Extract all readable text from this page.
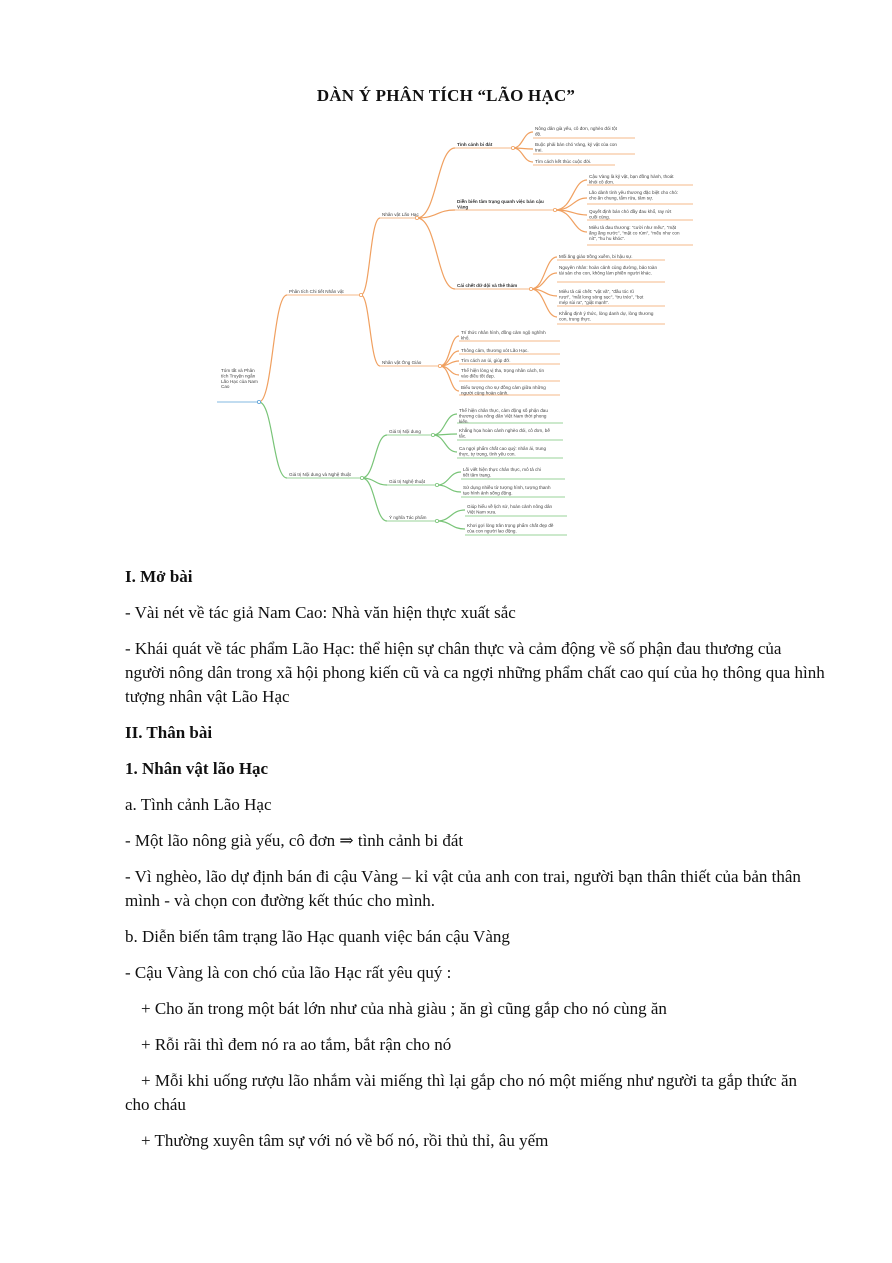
DÀN Ý PHÂN TÍCH “LÃO HẠC”
Tóm tắt và Phân tích Truyện ngắn Lão Hạc của Nam Cao
Phân tích Chi tiết Nhân vật
Giá trị Nội dung và Nghệ thuật
Nhân vật Lão Hạc
Nhân vật Ông Giáo
Tình cảnh bi đát
Diễn biến tâm trạng quanh việc bán cậu Vàng
Cái chết dữ dội và thê thảm
Giá trị Nội dung
Giá trị Nghệ thuật
Ý nghĩa Tác phẩm
Nông dân già yếu, cô đơn, nghèo đói tột độ.
Buộc phải bán chó Vàng, kỷ vật của con trai.
Tìm cách kết thúc cuộc đời.
Cậu Vàng là kỷ vật, bạn đồng hành, thoát khỏi cô đơn.
Lão dành tình yêu thương đặc biệt cho chó: cho ăn chung, tắm rửa, tâm sự.
Quyết định bán chó đầy đau khổ, ray rứt cuối cùng.
Miêu tả đau thương: "cười như mếu", "mặt ấng ầng nước", "mặt co rúm", "mếu như con nít", "hu hu khóc".
Mối ăng giáo trồng xuềm, bi hậu sự.
Nguyên nhân: hoàn cảnh cùng đường, bảo toàn tài sản cho con, không làm phiền người khác.
Miêu tả cái chết: "vật vã", "đầu tóc rũ rượi", "mắt long sòng sọc", "tru tréo", "bọt mép sùi ra", "giật mạnh".
Khẳng định ý thức, lòng danh dự, lòng thương con, trung thực.
Trí thức nhân hình, đồng cảm ngộ nghĩnh khổ.
Thông cảm, thương xót Lão Hạc.
Tìm cách an ủi, giúp đỡ.
Thể hiện lòng vị tha, trọng nhân cách, tin vào điều tốt đẹp.
Biểu tượng cho sự đồng cảm giữa những người cùng hoàn cảnh.
Thể hiện chân thực, cảm động số phận đau thương của nông dân Việt Nam thời phong kiến.
Khẳng họa hoàn cảnh nghèo đói, cô đơn, bế tắc.
Ca ngợi phẩm chất cao quý: nhân ái, trung thực, tự trọng, tình yêu con.
Lối viết hiện thực chân thực, mô tả chi tiết tâm trạng.
Sử dụng nhiều từ tượng hình, tượng thanh tạo hình ảnh sống động.
Giúp hiểu về lịch sử, hoàn cảnh nông dân Việt Nam xưa.
Khơi gợi lòng trân trọng phẩm chất đẹp đẽ của con người lao động.

I. Mở bài

- Vài nét về tác giả Nam Cao: Nhà văn hiện thực xuất sắc

- Khái quát về tác phẩm Lão Hạc: thể hiện sự chân thực và cảm động về số phận đau thương của người nông dân trong xã hội phong kiến cũ và ca ngợi những phẩm chất cao quí của họ thông qua hình tượng nhân vật Lão Hạc

II. Thân bài

1. Nhân vật lão Hạc

a. Tình cảnh Lão Hạc

- Một lão nông già yếu, cô đơn ⇒ tình cảnh bi đát

- Vì nghèo, lão dự định bán đi cậu Vàng – kỉ vật của anh con trai, người bạn thân thiết của bản thân mình - và chọn con đường kết thúc cho mình.

b. Diễn biến tâm trạng lão Hạc quanh việc bán cậu Vàng

- Cậu Vàng là con chó của lão Hạc rất yêu quý :

+ Cho ăn trong một bát lớn như của nhà giàu ; ăn gì cũng gắp cho nó cùng ăn

+ Rỗi rãi thì đem nó ra ao tắm, bắt rận cho nó

+ Mỗi khi uống rượu lão nhắm vài miếng thì lại gắp cho nó một miếng như người ta gắp thức ăn cho cháu

+ Thường xuyên tâm sự với nó về bố nó, rồi thủ thỉ, âu yếm
